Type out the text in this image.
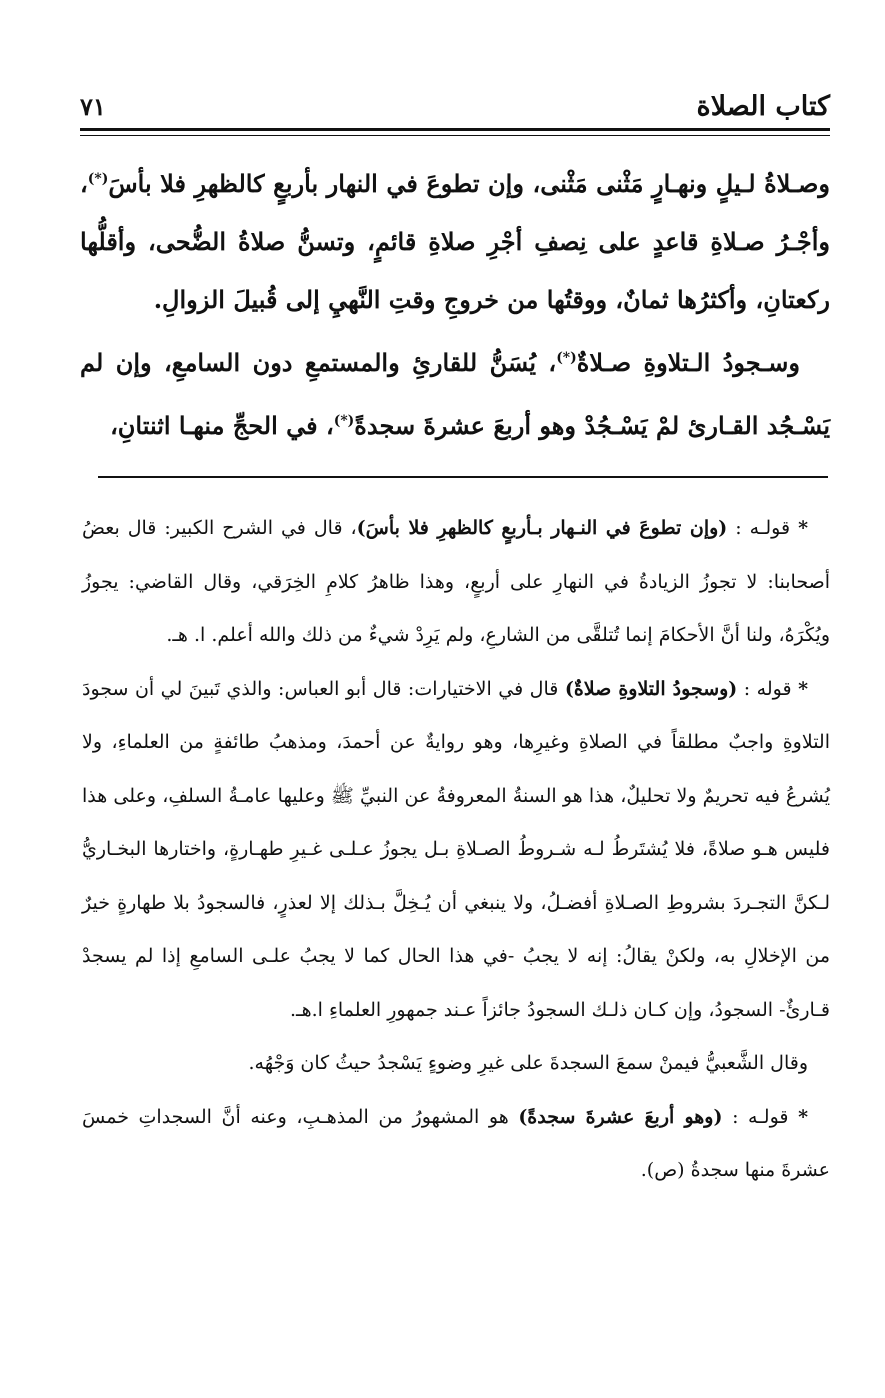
كتاب الصلاة
٧١

وصـلاةُ لـيلٍ ونهـارٍ مَثْنى مَثْنى، وإن تطوعَ في النهار بأربعٍ كالظهرِ فلا بأسَ(*)، وأجْـرُ صـلاةِ قاعدٍ على نِصفِ أجْرِ صلاةِ قائمٍ، وتسنُّ صلاةُ الضُّحى، وأقلُّها ركعتانِ، وأكثرُها ثمانٌ، ووقتُها من خروجِ وقتِ النَّهيِ إلى قُبيلَ الزوالِ.

وسـجودُ الـتلاوةِ صـلاةٌ(*)، يُسَنُّ للقارئِ والمستمعِ دون السامعِ، وإن لم يَسْـجُد القـارئ لمْ يَسْـجُدْ وهو أربعَ عشرةَ سجدةً(*)، في الحجِّ منهـا اثنتانِ،

* قولـه : (وإن تطوعَ في النـهار بـأربعٍ كالظهرِ فلا بأسَ)، قال في الشرح الكبير: قال بعضُ أصحابنا: لا تجوزُ الزيادةُ في النهارِ على أربعٍ، وهذا ظاهرُ كلامِ الخِرَقي، وقال القاضي: يجوزُ ويُكْرَهُ، ولنا أنَّ الأحكامَ إنما تُتلقَّى من الشارعِ، ولم يَرِدْ شيءٌ من ذلك والله أعلم. ا. هـ.

* قوله : (وسجودُ التلاوةِ صلاةٌ) قال في الاختيارات: قال أبو العباس: والذي تَبينَ لي أن سجودَ التلاوةِ واجبٌ مطلقاً في الصلاةِ وغيرِها، وهو روايةٌ عن أحمدَ، ومذهبُ طائفةٍ من العلماءِ، ولا يُشرعُ فيه تحريمٌ ولا تحليلٌ، هذا هو السنةُ المعروفةُ عن النبيِّ ﷺ وعليها عامـةُ السلفِ، وعلى هذا فليس هـو صلاةً، فلا يُشتَرطُ لـه شـروطُ الصـلاةِ بـل يجوزُ عـلـى غـيرِ طهـارةٍ، واختارها البخـاريُّ لـكنَّ التجـردَ بشروطِ الصـلاةِ أفضـلُ، ولا ينبغي أن يُـخِلَّ بـذلك إلا لعذرٍ، فالسجودُ بلا طهارةٍ خيرٌ من الإخلالِ به، ولكنْ يقالُ: إنه لا يجبُ -في هذا الحال كما لا يجبُ علـى السامعِ إذا لم يسجدْ قـارئٌ- السجودُ، وإن كـان ذلـك السجودُ جائزاً عـند جمهورِ العلماءِ ا.هـ.

وقال الشَّعبيُّ فيمنْ سمعَ السجدةَ على غيرِ وضوءٍ يَسْجدُ حيثُ كان وَجْهُه.

* قولـه : (وهو أربعَ عشرةَ سجدةً) هو المشهورُ من المذهـبِ، وعنه أنَّ السجداتِ خمسَ عشرةَ منها سجدةُ (ص).
